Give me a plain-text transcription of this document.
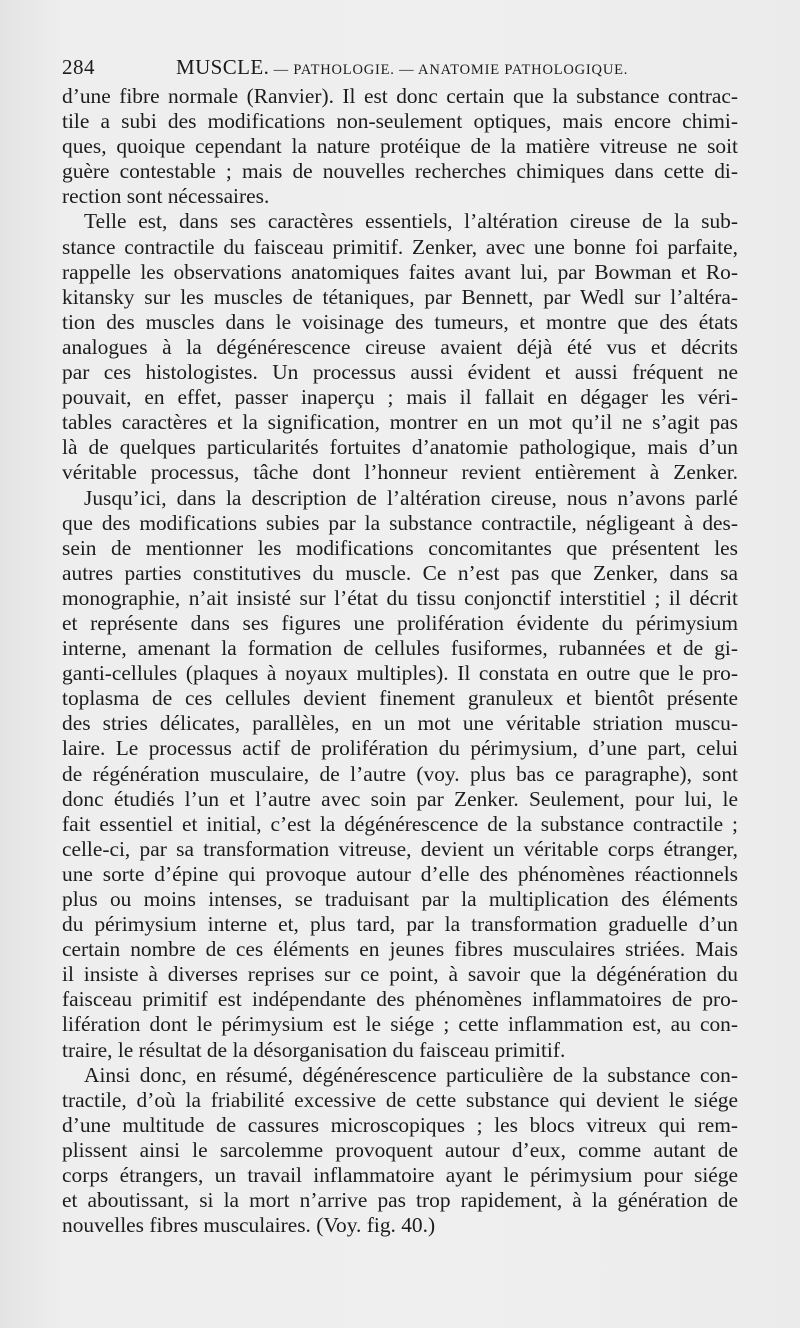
284	MUSCLE. — PATHOLOGIE. — ANATOMIE PATHOLOGIQUE.
d’une fibre normale (Ranvier). Il est donc certain que la substance contrac-
tile a subi des modifications non-seulement optiques, mais encore chimi-
ques, quoique cependant la nature protéique de la matière vitreuse ne soit
guère contestable ; mais de nouvelles recherches chimiques dans cette di-
rection sont nécessaires.
Telle est, dans ses caractères essentiels, l’altération cireuse de la sub-
stance contractile du faisceau primitif. Zenker, avec une bonne foi parfaite,
rappelle les observations anatomiques faites avant lui, par Bowman et Ro-
kitansky sur les muscles de tétaniques, par Bennett, par Wedl sur l’altéra-
tion des muscles dans le voisinage des tumeurs, et montre que des états
analogues à la dégénérescence cireuse avaient déjà été vus et décrits
par ces histologistes. Un processus aussi évident et aussi fréquent ne
pouvait, en effet, passer inaperçu ; mais il fallait en dégager les véri-
tables caractères et la signification, montrer en un mot qu’il ne s’agit pas
là de quelques particularités fortuites d’anatomie pathologique, mais d’un
véritable processus, tâche dont l’honneur revient entièrement à Zenker.
Jusqu’ici, dans la description de l’altération cireuse, nous n’avons parlé
que des modifications subies par la substance contractile, négligeant à des-
sein de mentionner les modifications concomitantes que présentent les
autres parties constitutives du muscle. Ce n’est pas que Zenker, dans sa
monographie, n’ait insisté sur l’état du tissu conjonctif interstitiel ; il décrit
et représente dans ses figures une prolifération évidente du périmysium
interne, amenant la formation de cellules fusiformes, rubannées et de gi-
ganti-cellules (plaques à noyaux multiples). Il constata en outre que le pro-
toplasma de ces cellules devient finement granuleux et bientôt présente
des stries délicates, parallèles, en un mot une véritable striation muscu-
laire. Le processus actif de prolifération du périmysium, d’une part, celui
de régénération musculaire, de l’autre (voy. plus bas ce paragraphe), sont
donc étudiés l’un et l’autre avec soin par Zenker. Seulement, pour lui, le
fait essentiel et initial, c’est la dégénérescence de la substance contractile ;
celle-ci, par sa transformation vitreuse, devient un véritable corps étranger,
une sorte d’épine qui provoque autour d’elle des phénomènes réactionnels
plus ou moins intenses, se traduisant par la multiplication des éléments
du périmysium interne et, plus tard, par la transformation graduelle d’un
certain nombre de ces éléments en jeunes fibres musculaires striées. Mais
il insiste à diverses reprises sur ce point, à savoir que la dégénération du
faisceau primitif est indépendante des phénomènes inflammatoires de pro-
lifération dont le périmysium est le siége ; cette inflammation est, au con-
traire, le résultat de la désorganisation du faisceau primitif.
Ainsi donc, en résumé, dégénérescence particulière de la substance con-
tractile, d’où la friabilité excessive de cette substance qui devient le siége
d’une multitude de cassures microscopiques ; les blocs vitreux qui rem-
plissent ainsi le sarcolemme provoquent autour d’eux, comme autant de
corps étrangers, un travail inflammatoire ayant le périmysium pour siége
et aboutissant, si la mort n’arrive pas trop rapidement, à la génération de
nouvelles fibres musculaires. (Voy. fig. 40.)
